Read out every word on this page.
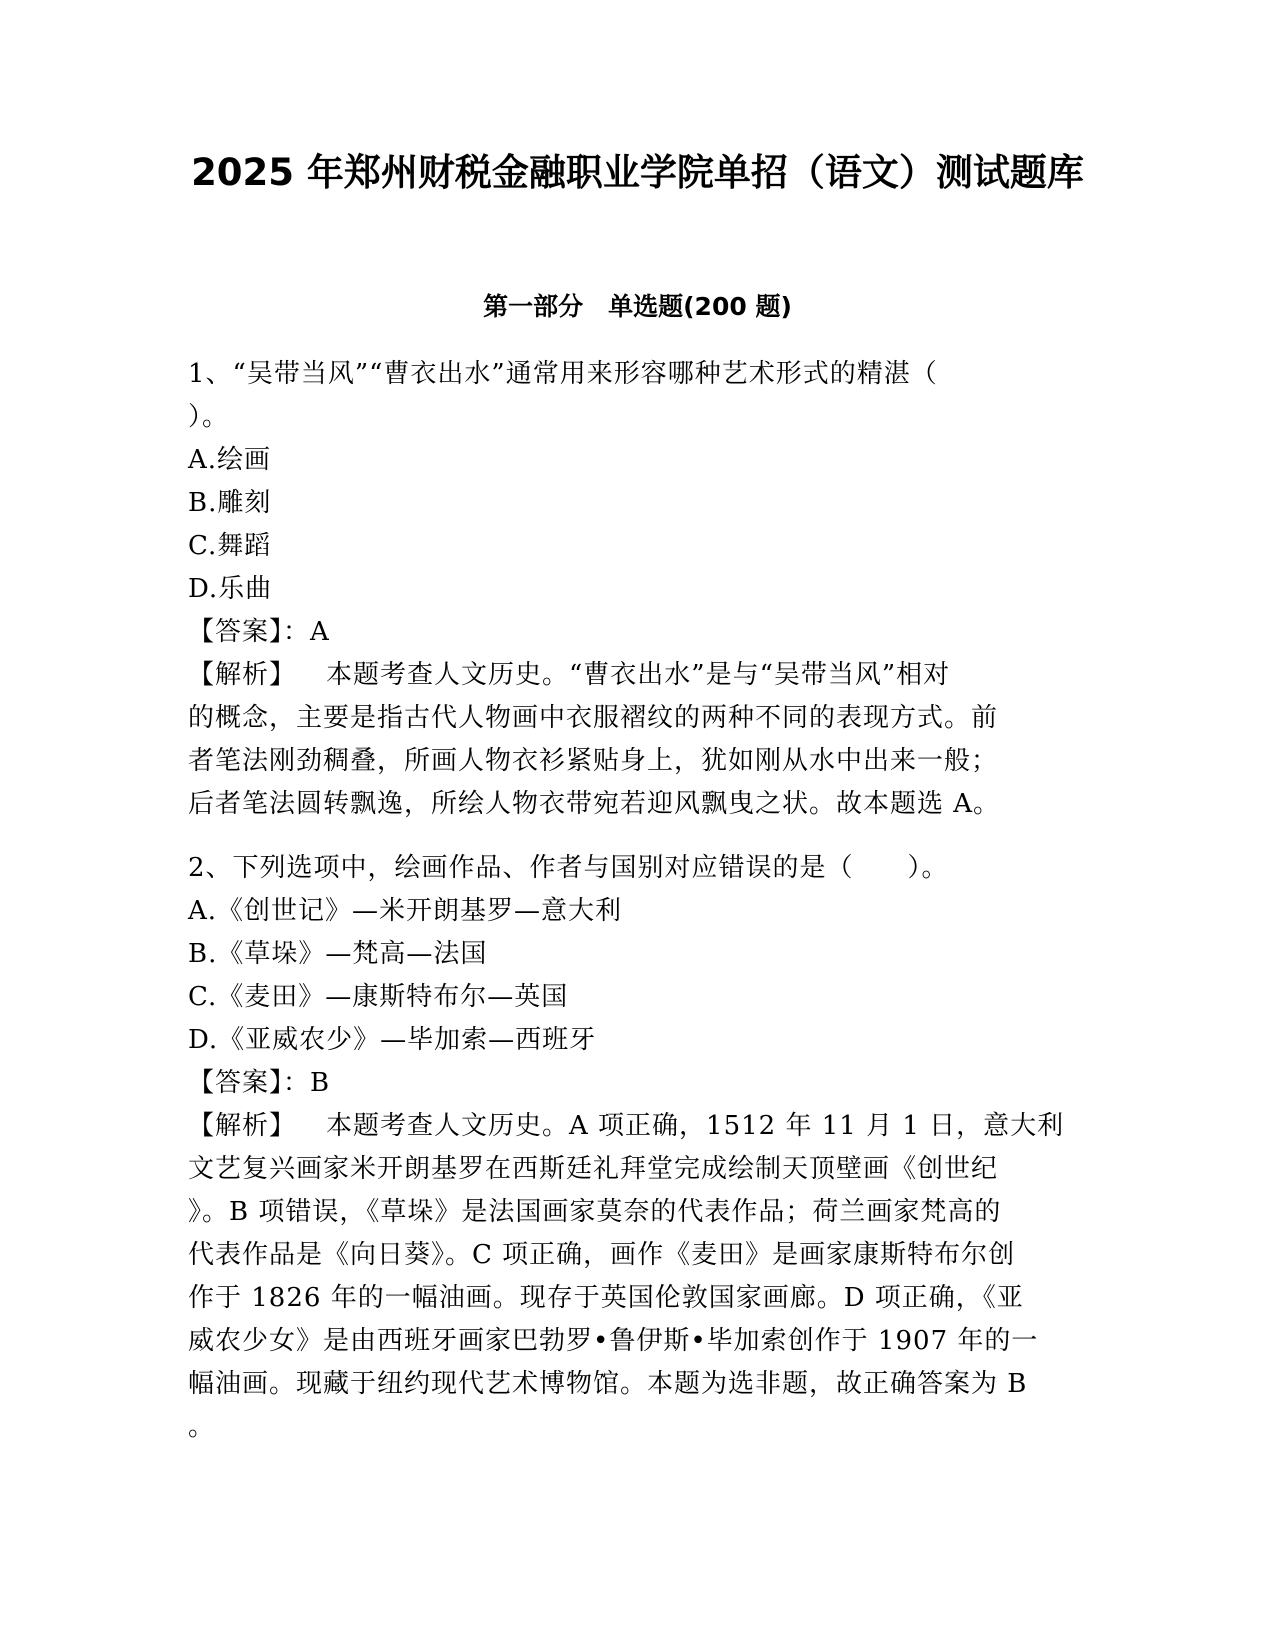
2025 年郑州财税金融职业学院单招（语文）测试题库
第一部分　单选题(200 题)
1、“吴带当风”“曹衣出水”通常用来形容哪种艺术形式的精湛（
）。
A.绘画
B.雕刻
C.舞蹈
D.乐曲
【答案】：A
【解析】 本题考查人文历史。“曹衣出水”是与“吴带当风”相对
的概念，主要是指古代人物画中衣服褶纹的两种不同的表现方式。前
者笔法刚劲稠叠，所画人物衣衫紧贴身上，犹如刚从水中出来一般；
后者笔法圆转飘逸，所绘人物衣带宛若迎风飘曳之状。故本题选 A。
2、下列选项中，绘画作品、作者与国别对应错误的是（　　）。
A.《创世记》—米开朗基罗—意大利
B.《草垛》—梵高—法国
C.《麦田》—康斯特布尔—英国
D.《亚威农少》—毕加索—西班牙
【答案】：B
【解析】 本题考查人文历史。A 项正确，1512 年 11 月 1 日，意大利
文艺复兴画家米开朗基罗在西斯廷礼拜堂完成绘制天顶壁画《创世纪
》。B 项错误，《草垛》是法国画家莫奈的代表作品；荷兰画家梵高的
代表作品是《向日葵》。C 项正确，画作《麦田》是画家康斯特布尔创
作于 1826 年的一幅油画。现存于英国伦敦国家画廊。D 项正确，《亚
威农少女》是由西班牙画家巴勃罗•鲁伊斯•毕加索创作于 1907 年的一
幅油画。现藏于纽约现代艺术博物馆。本题为选非题，故正确答案为 B
。
